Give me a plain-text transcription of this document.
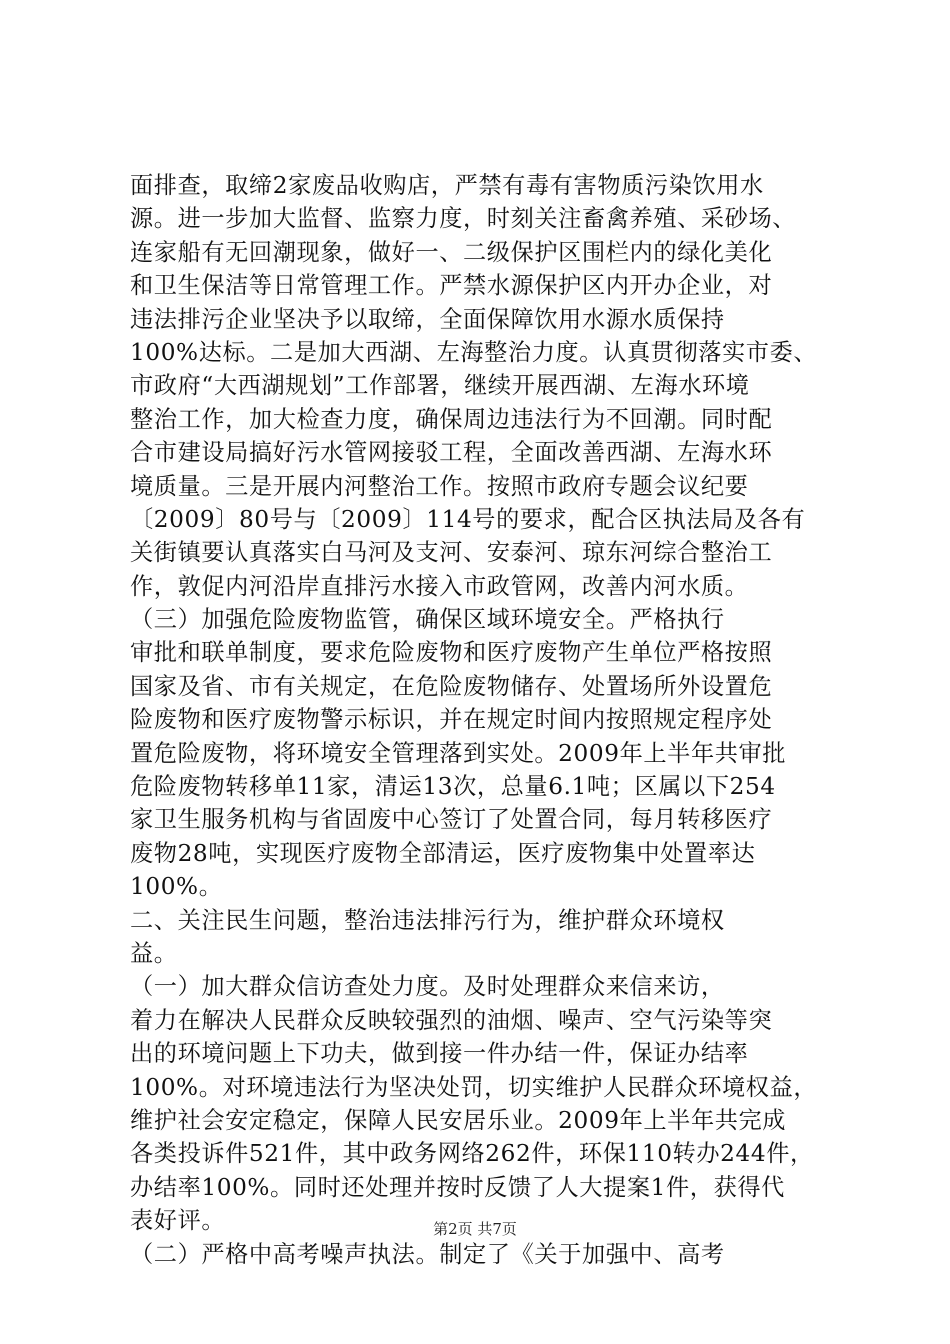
面排查，取缔2家废品收购店，严禁有毒有害物质污染饮用水
源。进一步加大监督、监察力度，时刻关注畜禽养殖、采砂场、
连家船有无回潮现象，做好一、二级保护区围栏内的绿化美化
和卫生保洁等日常管理工作。严禁水源保护区内开办企业，对
违法排污企业坚决予以取缔，全面保障饮用水源水质保持
100%达标。二是加大西湖、左海整治力度。认真贯彻落实市委、
市政府“大西湖规划”工作部署，继续开展西湖、左海水环境
整治工作，加大检查力度，确保周边违法行为不回潮。同时配
合市建设局搞好污水管网接驳工程，全面改善西湖、左海水环
境质量。三是开展内河整治工作。按照市政府专题会议纪要
〔2009〕80号与〔2009〕114号的要求，配合区执法局及各有
关街镇要认真落实白马河及支河、安泰河、琼东河综合整治工
作，敦促内河沿岸直排污水接入市政管网，改善内河水质。
（三）加强危险废物监管，确保区域环境安全。严格执行
审批和联单制度，要求危险废物和医疗废物产生单位严格按照
国家及省、市有关规定，在危险废物储存、处置场所外设置危
险废物和医疗废物警示标识，并在规定时间内按照规定程序处
置危险废物，将环境安全管理落到实处。2009年上半年共审批
危险废物转移单11家，清运13次，总量6.1吨；区属以下254
家卫生服务机构与省固废中心签订了处置合同，每月转移医疗
废物28吨，实现医疗废物全部清运，医疗废物集中处置率达
100%。
二、关注民生问题，整治违法排污行为，维护群众环境权
益。
（一）加大群众信访查处力度。及时处理群众来信来访，
着力在解决人民群众反映较强烈的油烟、噪声、空气污染等突
出的环境问题上下功夫，做到接一件办结一件，保证办结率
100%。对环境违法行为坚决处罚，切实维护人民群众环境权益，
维护社会安定稳定，保障人民安居乐业。2009年上半年共完成
各类投诉件521件，其中政务网络262件，环保110转办244件，
办结率100%。同时还处理并按时反馈了人大提案1件，获得代
表好评。
（二）严格中高考噪声执法。制定了《关于加强中、高考
第2页 共7页
